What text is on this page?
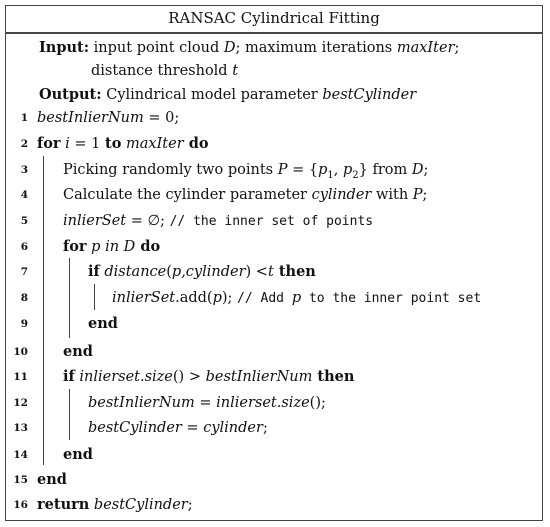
RANSAC Cylindrical Fitting
Input: input point cloud D; maximum iterations maxIter;
distance threshold t
Output: Cylindrical model parameter bestCylinder
1 bestInlierNum = 0;
2 for i = 1 to maxIter do
3 Picking randomly two points $P = \{p_1$, $p_2$} from D;
4 Calculate the cylinder parameter cylinder with P;
5 inlierSet = ∅; // the inner set of points
6 for p in D do
7	if distance(p,cylinder) <t then
8	inlierSet.add(p); // Add p to the inner point set
9	end
10 end
11 if inlierset.size() > bestInlierNum then
12	bestInlierNum = inlierset.size();
13	bestCylinder = cylinder;
14 end
15 end
16 return bestCylinder;
